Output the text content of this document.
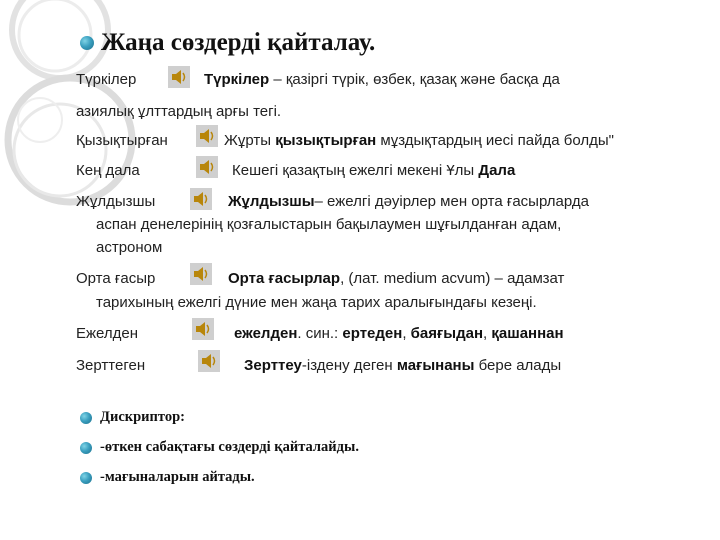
Жаңа сөздерді қайталау.
Түркілер	Түркілер – қазіргі түрік, өзбек, қазақ және басқа да
азиялық ұлттардың арғы тегі.
Қызықтырған	Жұрты қызықтырған мұздықтардың иесі пайда болды"
Кең дала	Кешегі қазақтың ежелгі мекені Ұлы Дала
Жұлдызшы	Жұлдызшы– ежелгі дәуірлер мен орта ғасырларда
аспан денелерінің қозғалыстарын бақылаумен шұғылданған адам,
астроном
Орта ғасыр	Орта ғасырлар, (лат. medium acvum) – адамзат
тарихының ежелгі дүние мен жаңа тарих аралығындағы кезеңі.
Ежелден	ежелден. син.: ертеден, баяғыдан, қашаннан
Зерттеген	Зерттеу-іздену деген мағынаны бере алады
Дискриптор:
-өткен сабақтағы сөздерді қайталайды.
-мағыналарын айтады.
